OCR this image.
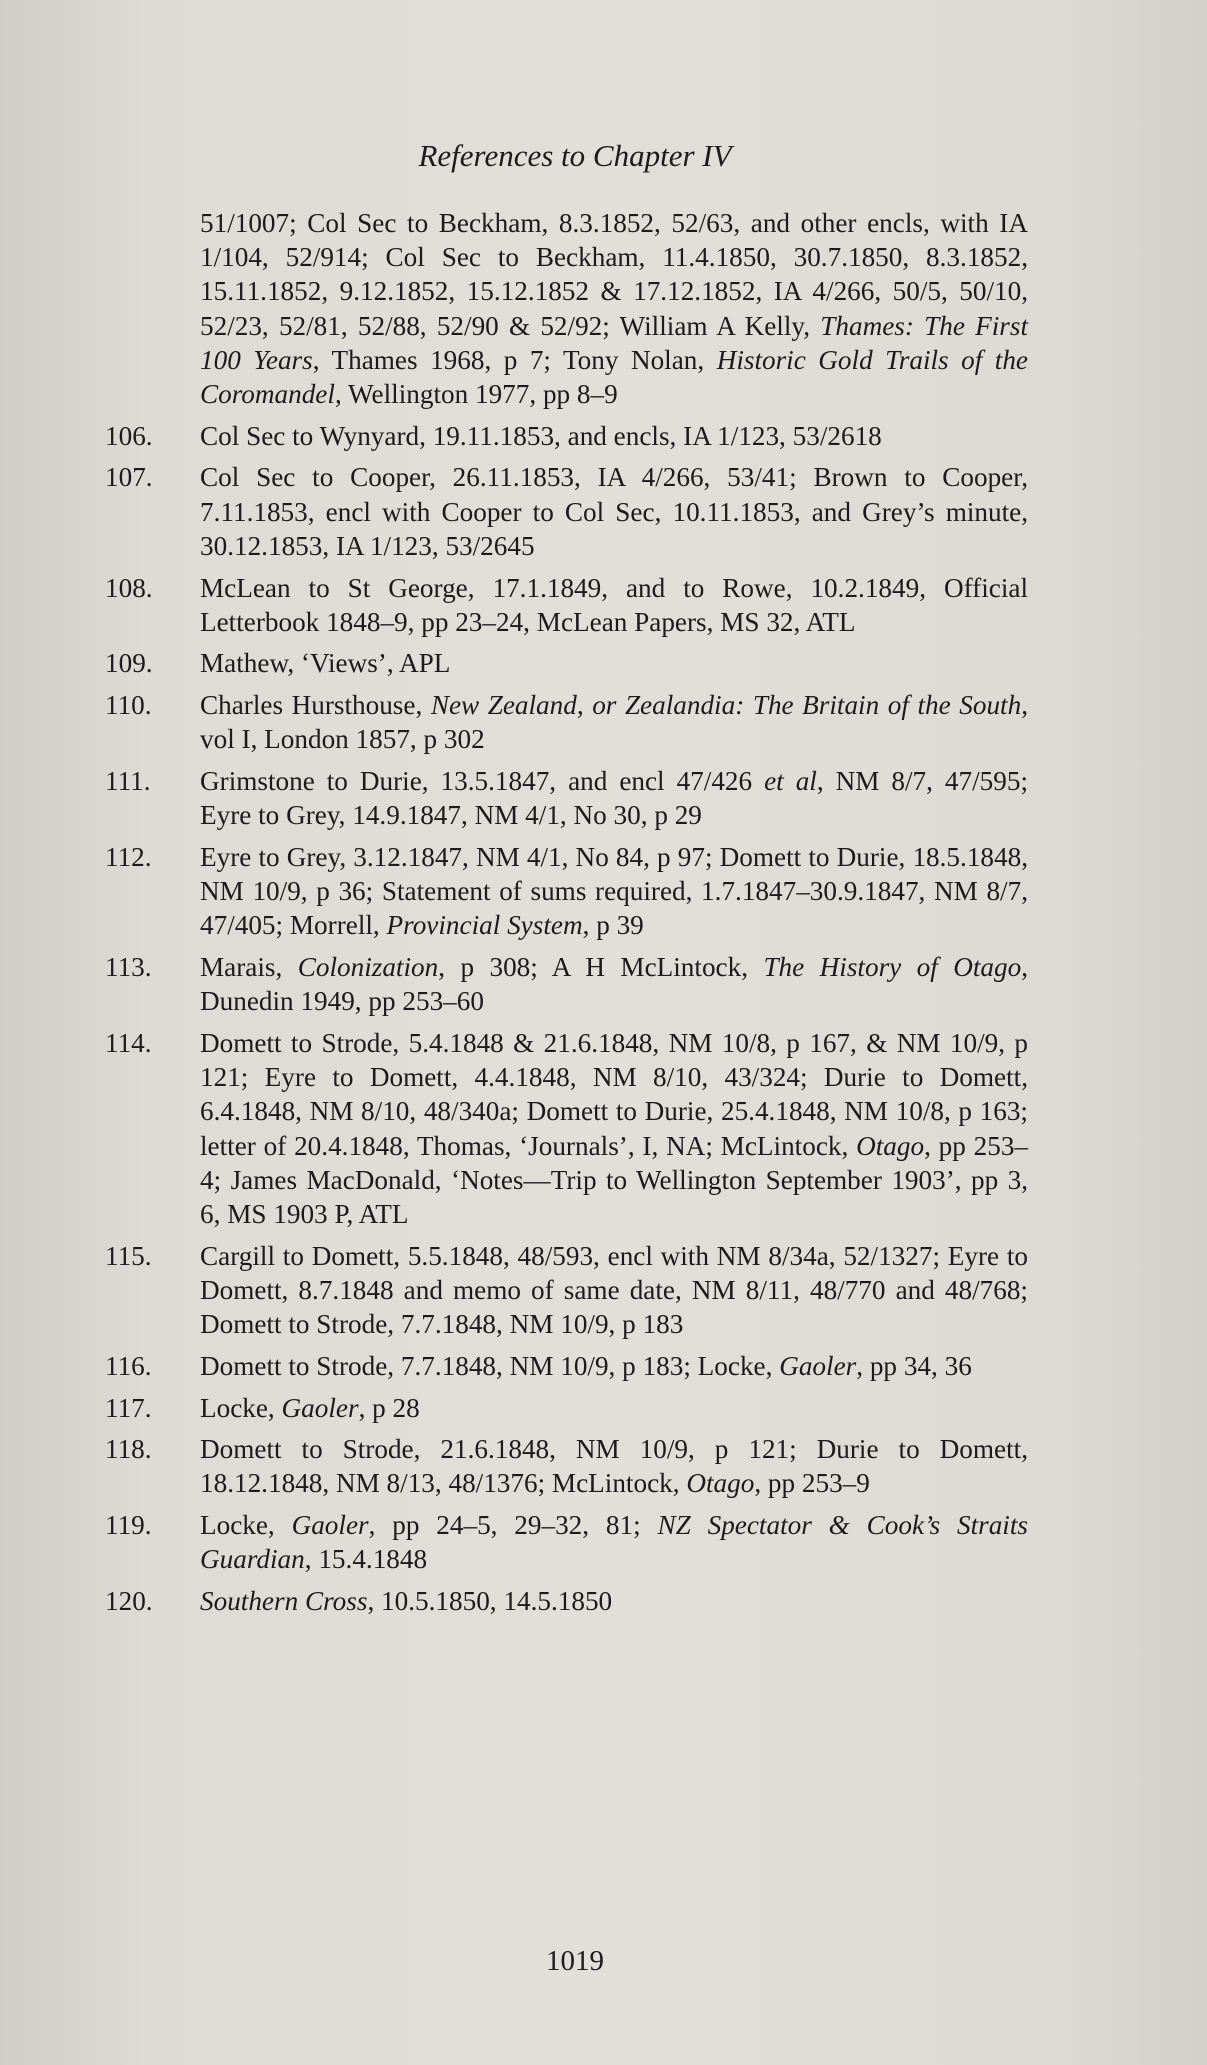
References to Chapter IV
51/1007; Col Sec to Beckham, 8.3.1852, 52/63, and other encls, with IA 1/104, 52/914; Col Sec to Beckham, 11.4.1850, 30.7.1850, 8.3.1852, 15.11.1852, 9.12.1852, 15.12.1852 & 17.12.1852, IA 4/266, 50/5, 50/10, 52/23, 52/81, 52/88, 52/90 & 52/92; William A Kelly, Thames: The First 100 Years, Thames 1968, p 7; Tony Nolan, Historic Gold Trails of the Coromandel, Wellington 1977, pp 8–9
106.	Col Sec to Wynyard, 19.11.1853, and encls, IA 1/123, 53/2618
107.	Col Sec to Cooper, 26.11.1853, IA 4/266, 53/41; Brown to Cooper, 7.11.1853, encl with Cooper to Col Sec, 10.11.1853, and Grey’s minute, 30.12.1853, IA 1/123, 53/2645
108.	McLean to St George, 17.1.1849, and to Rowe, 10.2.1849, Official Letterbook 1848–9, pp 23–24, McLean Papers, MS 32, ATL
109.	Mathew, ‘Views’, APL
110.	Charles Hursthouse, New Zealand, or Zealandia: The Britain of the South, vol I, London 1857, p 302
111.	Grimstone to Durie, 13.5.1847, and encl 47/426 et al, NM 8/7, 47/595; Eyre to Grey, 14.9.1847, NM 4/1, No 30, p 29
112.	Eyre to Grey, 3.12.1847, NM 4/1, No 84, p 97; Domett to Durie, 18.5.1848, NM 10/9, p 36; Statement of sums required, 1.7.1847–30.9.1847, NM 8/7, 47/405; Morrell, Provincial System, p 39
113.	Marais, Colonization, p 308; A H McLintock, The History of Otago, Dunedin 1949, pp 253–60
114.	Domett to Strode, 5.4.1848 & 21.6.1848, NM 10/8, p 167, & NM 10/9, p 121; Eyre to Domett, 4.4.1848, NM 8/10, 43/324; Durie to Domett, 6.4.1848, NM 8/10, 48/340a; Domett to Durie, 25.4.1848, NM 10/8, p 163; letter of 20.4.1848, Thomas, ‘Journals’, I, NA; McLintock, Otago, pp 253–4; James MacDonald, ‘Notes—Trip to Wellington September 1903’, pp 3, 6, MS 1903 P, ATL
115.	Cargill to Domett, 5.5.1848, 48/593, encl with NM 8/34a, 52/1327; Eyre to Domett, 8.7.1848 and memo of same date, NM 8/11, 48/770 and 48/768; Domett to Strode, 7.7.1848, NM 10/9, p 183
116.	Domett to Strode, 7.7.1848, NM 10/9, p 183; Locke, Gaoler, pp 34, 36
117.	Locke, Gaoler, p 28
118.	Domett to Strode, 21.6.1848, NM 10/9, p 121; Durie to Domett, 18.12.1848, NM 8/13, 48/1376; McLintock, Otago, pp 253–9
119.	Locke, Gaoler, pp 24–5, 29–32, 81; NZ Spectator & Cook’s Straits Guardian, 15.4.1848
120.	Southern Cross, 10.5.1850, 14.5.1850
1019
